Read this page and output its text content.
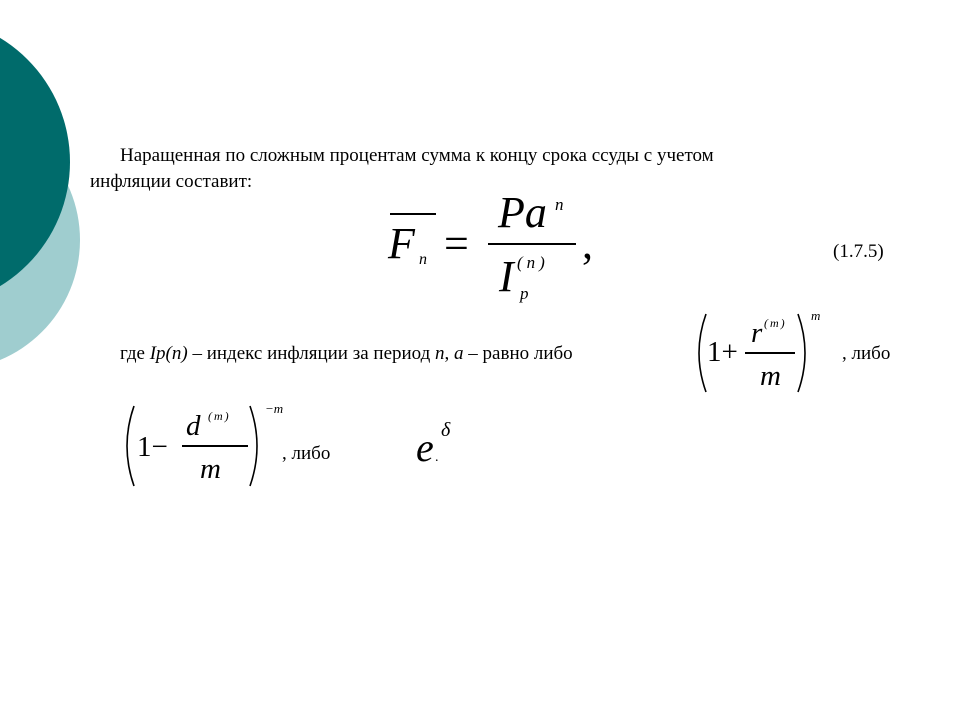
Наращенная по сложным процентам сумма к концу срока ссуды с учетом
инфляции составит:
F n =
Pa n
I (n)
p
,	(1.7.5)
где Ip(n) – индекс инфляции за период n, a – равно либо	1+
r (m)
m
m
, либо
1−
d (m)
m
−m
, либо e δ
.
